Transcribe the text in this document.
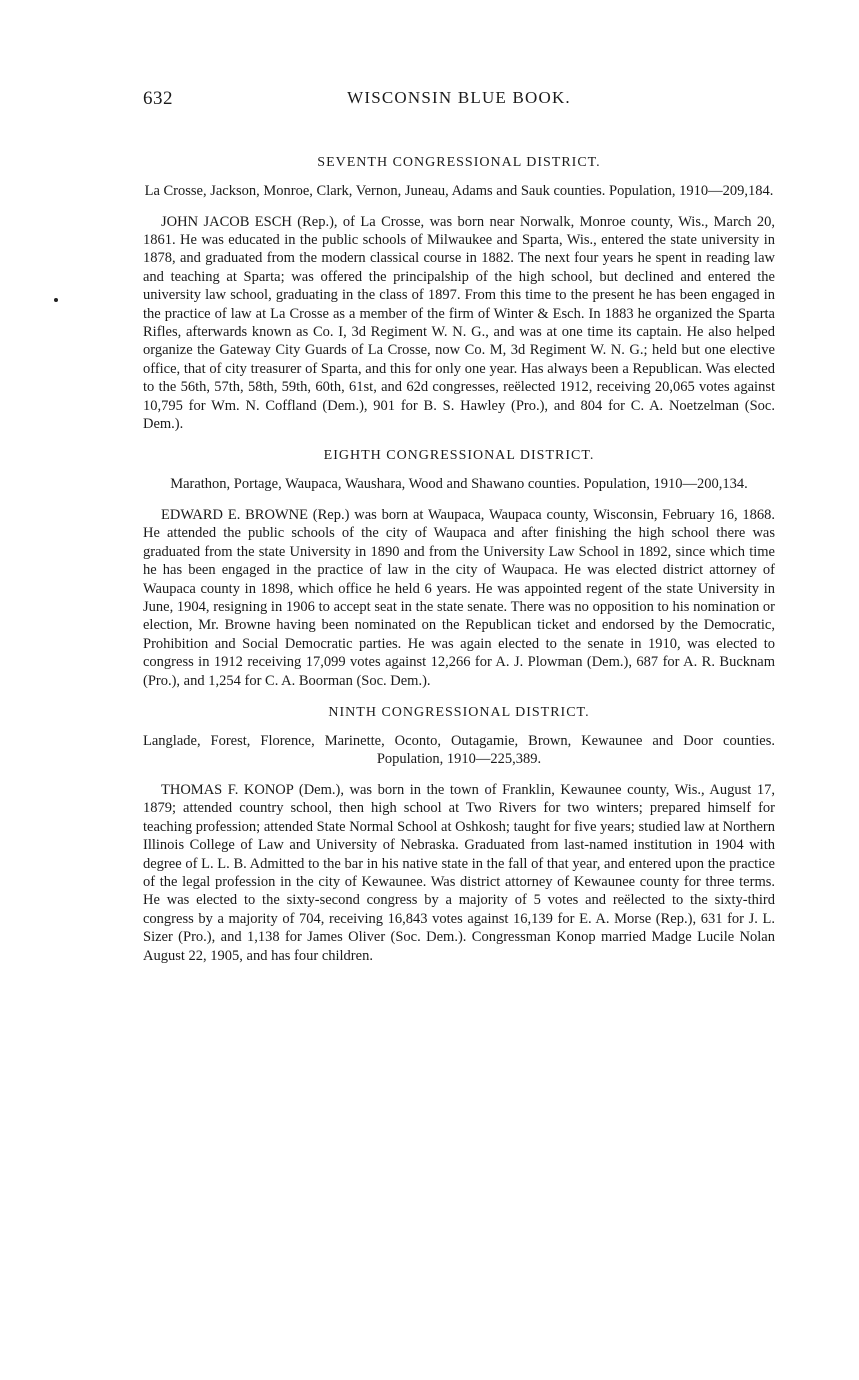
632	WISCONSIN BLUE BOOK.
SEVENTH CONGRESSIONAL DISTRICT.

La Crosse, Jackson, Monroe, Clark, Vernon, Juneau, Adams and Sauk counties. Population, 1910—209,184.

JOHN JACOB ESCH (Rep.), of La Crosse, was born near Norwalk, Monroe county, Wis., March 20, 1861. He was educated in the public schools of Milwaukee and Sparta, Wis., entered the state university in 1878, and graduated from the modern classical course in 1882. The next four years he spent in reading law and teaching at Sparta; was offered the principalship of the high school, but declined and entered the university law school, graduating in the class of 1897. From this time to the present he has been engaged in the practice of law at La Crosse as a member of the firm of Winter & Esch. In 1883 he organized the Sparta Rifles, afterwards known as Co. I, 3d Regiment W. N. G., and was at one time its captain. He also helped organize the Gateway City Guards of La Crosse, now Co. M, 3d Regiment W. N. G.; held but one elective office, that of city treasurer of Sparta, and this for only one year. Has always been a Republican. Was elected to the 56th, 57th, 58th, 59th, 60th, 61st, and 62d congresses, reëlected 1912, receiving 20,065 votes against 10,795 for Wm. N. Coffland (Dem.), 901 for B. S. Hawley (Pro.), and 804 for C. A. Noetzelman (Soc. Dem.).

EIGHTH CONGRESSIONAL DISTRICT.

Marathon, Portage, Waupaca, Waushara, Wood and Shawano counties. Population, 1910—200,134.

EDWARD E. BROWNE (Rep.) was born at Waupaca, Waupaca county, Wisconsin, February 16, 1868. He attended the public schools of the city of Waupaca and after finishing the high school there was graduated from the state University in 1890 and from the University Law School in 1892, since which time he has been engaged in the practice of law in the city of Waupaca. He was elected district attorney of Waupaca county in 1898, which office he held 6 years. He was appointed regent of the state University in June, 1904, resigning in 1906 to accept seat in the state senate. There was no opposition to his nomination or election, Mr. Browne having been nominated on the Republican ticket and endorsed by the Democratic, Prohibition and Social Democratic parties. He was again elected to the senate in 1910, was elected to congress in 1912 receiving 17,099 votes against 12,266 for A. J. Plowman (Dem.), 687 for A. R. Bucknam (Pro.), and 1,254 for C. A. Boorman (Soc. Dem.).

NINTH CONGRESSIONAL DISTRICT.

Langlade, Forest, Florence, Marinette, Oconto, Outagamie, Brown, Kewaunee and Door counties. Population, 1910—225,389.

THOMAS F. KONOP (Dem.), was born in the town of Franklin, Kewaunee county, Wis., August 17, 1879; attended country school, then high school at Two Rivers for two winters; prepared himself for teaching profession; attended State Normal School at Oshkosh; taught for five years; studied law at Northern Illinois College of Law and University of Nebraska. Graduated from last-named institution in 1904 with degree of L. L. B. Admitted to the bar in his native state in the fall of that year, and entered upon the practice of the legal profession in the city of Kewaunee. Was district attorney of Kewaunee county for three terms. He was elected to the sixty-second congress by a majority of 5 votes and reëlected to the sixty-third congress by a majority of 704, receiving 16,843 votes against 16,139 for E. A. Morse (Rep.), 631 for J. L. Sizer (Pro.), and 1,138 for James Oliver (Soc. Dem.). Congressman Konop married Madge Lucile Nolan August 22, 1905, and has four children.
